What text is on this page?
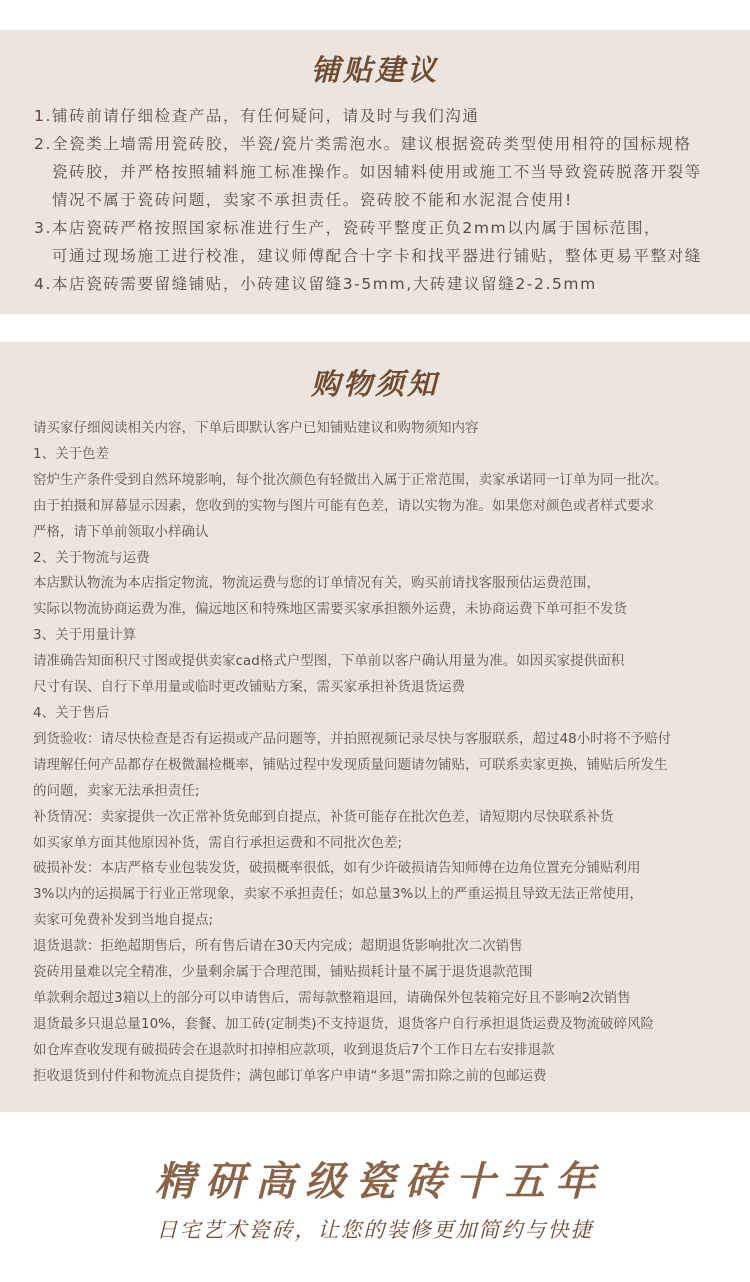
铺贴建议
1.铺砖前请仔细检查产品，有任何疑问，请及时与我们沟通
2.全瓷类上墙需用瓷砖胶，半瓷/瓷片类需泡水。建议根据瓷砖类型使用相符的国标规格
瓷砖胶，并严格按照辅料施工标准操作。如因辅料使用或施工不当导致瓷砖脱落开裂等
情况不属于瓷砖问题，卖家不承担责任。瓷砖胶不能和水泥混合使用!
3.本店瓷砖严格按照国家标准进行生产，瓷砖平整度正负2mm以内属于国标范围，
可通过现场施工进行校准，建议师傅配合十字卡和找平器进行铺贴，整体更易平整对缝
4.本店瓷砖需要留缝铺贴，小砖建议留缝3-5mm,大砖建议留缝2-2.5mm
购物须知
请买家仔细阅读相关内容，下单后即默认客户已知铺贴建议和购物须知内容
1、关于色差
窑炉生产条件受到自然环境影响，每个批次颜色有轻微出入属于正常范围，卖家承诺同一订单为同一批次。
由于拍摄和屏幕显示因素，您收到的实物与图片可能有色差，请以实物为准。如果您对颜色或者样式要求
严格，请下单前领取小样确认
2、关于物流与运费
本店默认物流为本店指定物流，物流运费与您的订单情况有关，购买前请找客服预估运费范围，
实际以物流协商运费为准，偏远地区和特殊地区需要买家承担额外运费，未协商运费下单可拒不发货
3、关于用量计算
请准确告知面积尺寸图或提供卖家cad格式户型图，下单前以客户确认用量为准。如因买家提供面积
尺寸有误、自行下单用量或临时更改铺贴方案，需买家承担补货退货运费
4、关于售后
到货验收：请尽快检查是否有运损或产品问题等，并拍照视频记录尽快与客服联系，超过48小时将不予赔付
请理解任何产品都存在极微漏检概率，铺贴过程中发现质量问题请勿铺贴，可联系卖家更换，铺贴后所发生
的问题，卖家无法承担责任;
补货情况：卖家提供一次正常补货免邮到自提点，补货可能存在批次色差，请短期内尽快联系补货
如买家单方面其他原因补货，需自行承担运费和不同批次色差;
破损补发：本店严格专业包装发货，破损概率很低，如有少许破损请告知师傅在边角位置充分铺贴利用
3%以内的运损属于行业正常现象，卖家不承担责任；如总量3%以上的严重运损且导致无法正常使用，
卖家可免费补发到当地自提点;
退货退款：拒绝超期售后，所有售后请在30天内完成；超期退货影响批次二次销售
瓷砖用量难以完全精准，少量剩余属于合理范围，铺贴损耗计量不属于退货退款范围
单款剩余超过3箱以上的部分可以申请售后，需每款整箱退回，请确保外包装箱完好且不影响2次销售
退货最多只退总量10%，套餐、加工砖(定制类)不支持退货，退货客户自行承担退货运费及物流破碎风险
如仓库查收发现有破损砖会在退款时扣掉相应款项，收到退货后7个工作日左右安排退款
拒收退货到付件和物流点自提货件；满包邮订单客户申请“多退”需扣除之前的包邮运费
精研高级瓷砖十五年

日宅艺术瓷砖，让您的装修更加简约与快捷
